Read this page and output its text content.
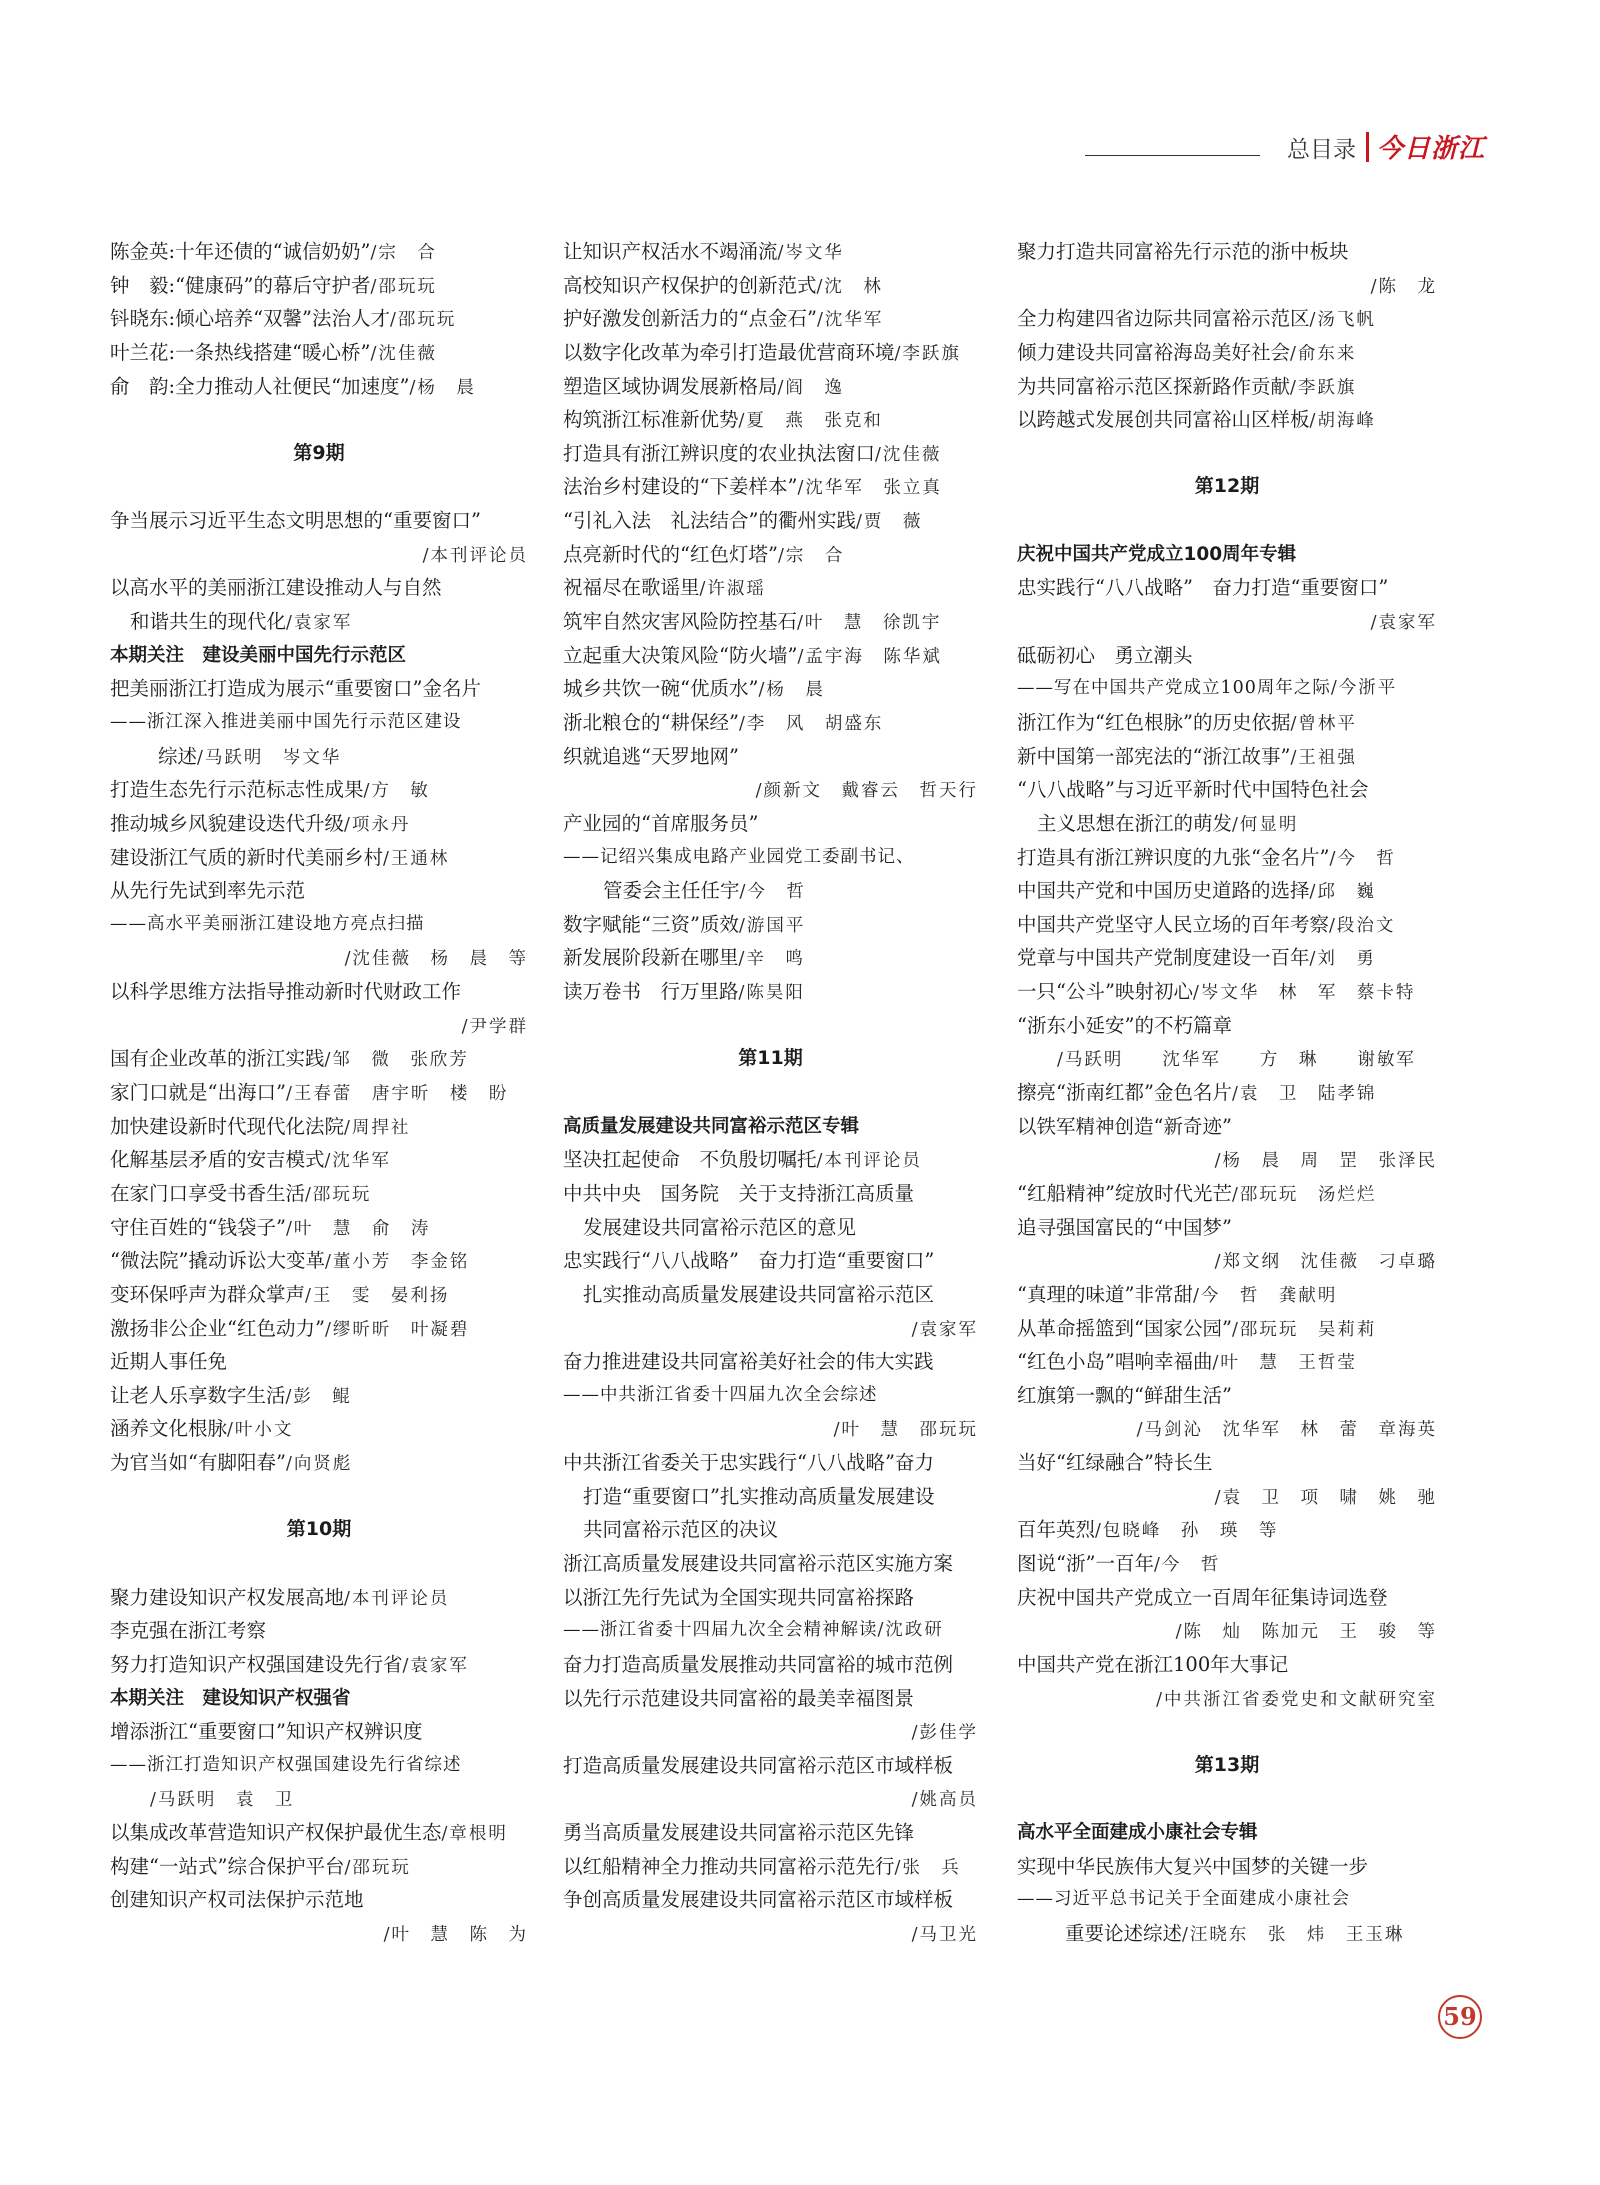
总目录 今日浙江
陈金英:十年还债的“诚信奶奶”/宗　合
钟　毅:“健康码”的幕后守护者/邵玩玩
钭晓东:倾心培养“双馨”法治人才/邵玩玩
叶兰花:一条热线搭建“暖心桥”/沈佳薇
俞　韵:全力推动人社便民“加速度”/杨　晨
第9期
争当展示习近平生态文明思想的“重要窗口”
/本刊评论员
以高水平的美丽浙江建设推动人与自然
和谐共生的现代化/袁家军
本期关注　建设美丽中国先行示范区
把美丽浙江打造成为展示“重要窗口”金名片
——浙江深入推进美丽中国先行示范区建设
综述/马跃明　岑文华
打造生态先行示范标志性成果/方　敏
推动城乡风貌建设迭代升级/项永丹
建设浙江气质的新时代美丽乡村/王通林
从先行先试到率先示范
——高水平美丽浙江建设地方亮点扫描
/沈佳薇　杨　晨　等
以科学思维方法指导推动新时代财政工作
/尹学群
国有企业改革的浙江实践/邹　微　张欣芳
家门口就是“出海口”/王春蕾　唐宇昕　楼　盼
加快建设新时代现代化法院/周捍社
化解基层矛盾的安吉模式/沈华军
在家门口享受书香生活/邵玩玩
守住百姓的“钱袋子”/叶　慧　俞　涛
“微法院”撬动诉讼大变革/董小芳　李金铭
变环保呼声为群众掌声/王　雯　晏利扬
激扬非公企业“红色动力”/缪昕昕　叶凝碧
近期人事任免
让老人乐享数字生活/彭　鲲
涵养文化根脉/叶小文
为官当如“有脚阳春”/向贤彪
第10期
聚力建设知识产权发展高地/本刊评论员
李克强在浙江考察
努力打造知识产权强国建设先行省/袁家军
本期关注　建设知识产权强省
增添浙江“重要窗口”知识产权辨识度
——浙江打造知识产权强国建设先行省综述
/马跃明　袁　卫
以集成改革营造知识产权保护最优生态/章根明
构建“一站式”综合保护平台/邵玩玩
创建知识产权司法保护示范地
/叶　慧　陈　为
让知识产权活水不竭涌流/岑文华
高校知识产权保护的创新范式/沈　林
护好激发创新活力的“点金石”/沈华军
以数字化改革为牵引打造最优营商环境/李跃旗
塑造区域协调发展新格局/阎　逸
构筑浙江标准新优势/夏　燕　张克和
打造具有浙江辨识度的农业执法窗口/沈佳薇
法治乡村建设的“下姜样本”/沈华军　张立真
“引礼入法　礼法结合”的衢州实践/贾　薇
点亮新时代的“红色灯塔”/宗　合
祝福尽在歌谣里/许淑瑶
筑牢自然灾害风险防控基石/叶　慧　徐凯宇
立起重大决策风险“防火墙”/孟宇海　陈华斌
城乡共饮一碗“优质水”/杨　晨
浙北粮仓的“耕保经”/李　风　胡盛东
织就追逃“天罗地网”
/颜新文　戴睿云　哲天行
产业园的“首席服务员”
——记绍兴集成电路产业园党工委副书记、
管委会主任任宇/今　哲
数字赋能“三资”质效/游国平
新发展阶段新在哪里/辛　鸣
读万卷书　行万里路/陈昊阳
第11期
高质量发展建设共同富裕示范区专辑
坚决扛起使命　不负殷切嘱托/本刊评论员
中共中央　国务院　关于支持浙江高质量
发展建设共同富裕示范区的意见
忠实践行“八八战略”　奋力打造“重要窗口”
扎实推动高质量发展建设共同富裕示范区
/袁家军
奋力推进建设共同富裕美好社会的伟大实践
——中共浙江省委十四届九次全会综述
/叶　慧　邵玩玩
中共浙江省委关于忠实践行“八八战略”奋力
打造“重要窗口”扎实推动高质量发展建设
共同富裕示范区的决议
浙江高质量发展建设共同富裕示范区实施方案
以浙江先行先试为全国实现共同富裕探路
——浙江省委十四届九次全会精神解读/沈政研
奋力打造高质量发展推动共同富裕的城市范例
以先行示范建设共同富裕的最美幸福图景
/彭佳学
打造高质量发展建设共同富裕示范区市域样板
/姚高员
勇当高质量发展建设共同富裕示范区先锋
以红船精神全力推动共同富裕示范先行/张　兵
争创高质量发展建设共同富裕示范区市域样板
/马卫光
聚力打造共同富裕先行示范的浙中板块
/陈　龙
全力构建四省边际共同富裕示范区/汤飞帆
倾力建设共同富裕海岛美好社会/俞东来
为共同富裕示范区探新路作贡献/李跃旗
以跨越式发展创共同富裕山区样板/胡海峰
第12期
庆祝中国共产党成立100周年专辑
忠实践行“八八战略”　奋力打造“重要窗口”
/袁家军
砥砺初心　勇立潮头
——写在中国共产党成立100周年之际/今浙平
浙江作为“红色根脉”的历史依据/曾林平
新中国第一部宪法的“浙江故事”/王祖强
“八八战略”与习近平新时代中国特色社会
主义思想在浙江的萌发/何显明
打造具有浙江辨识度的九张“金名片”/今　哲
中国共产党和中国历史道路的选择/邱　巍
中国共产党坚守人民立场的百年考察/段治文
党章与中国共产党制度建设一百年/刘　勇
一只“公斗”映射初心/岑文华　林　军　蔡卡特
“浙东小延安”的不朽篇章
/马跃明　　沈华军　　方　琳　　谢敏军
擦亮“浙南红都”金色名片/袁　卫　陆孝锦
以铁军精神创造“新奇迹”
/杨　晨　周　罡　张泽民
“红船精神”绽放时代光芒/邵玩玩　汤烂烂
追寻强国富民的“中国梦”
/郑文纲　沈佳薇　刁卓璐
“真理的味道”非常甜/今　哲　龚献明
从革命摇篮到“国家公园”/邵玩玩　吴莉莉
“红色小岛”唱响幸福曲/叶　慧　王哲莹
红旗第一飘的“鲜甜生活”
/马剑沁　沈华军　林　蕾　章海英
当好“红绿融合”特长生
/袁　卫　项　啸　姚　驰
百年英烈/包晓峰　孙　瑛　等
图说“浙”一百年/今　哲
庆祝中国共产党成立一百周年征集诗词选登
/陈　灿　陈加元　王　骏　等
中国共产党在浙江100年大事记
/中共浙江省委党史和文献研究室
第13期
高水平全面建成小康社会专辑
实现中华民族伟大复兴中国梦的关键一步
——习近平总书记关于全面建成小康社会
重要论述综述/汪晓东　张　炜　王玉琳
59
